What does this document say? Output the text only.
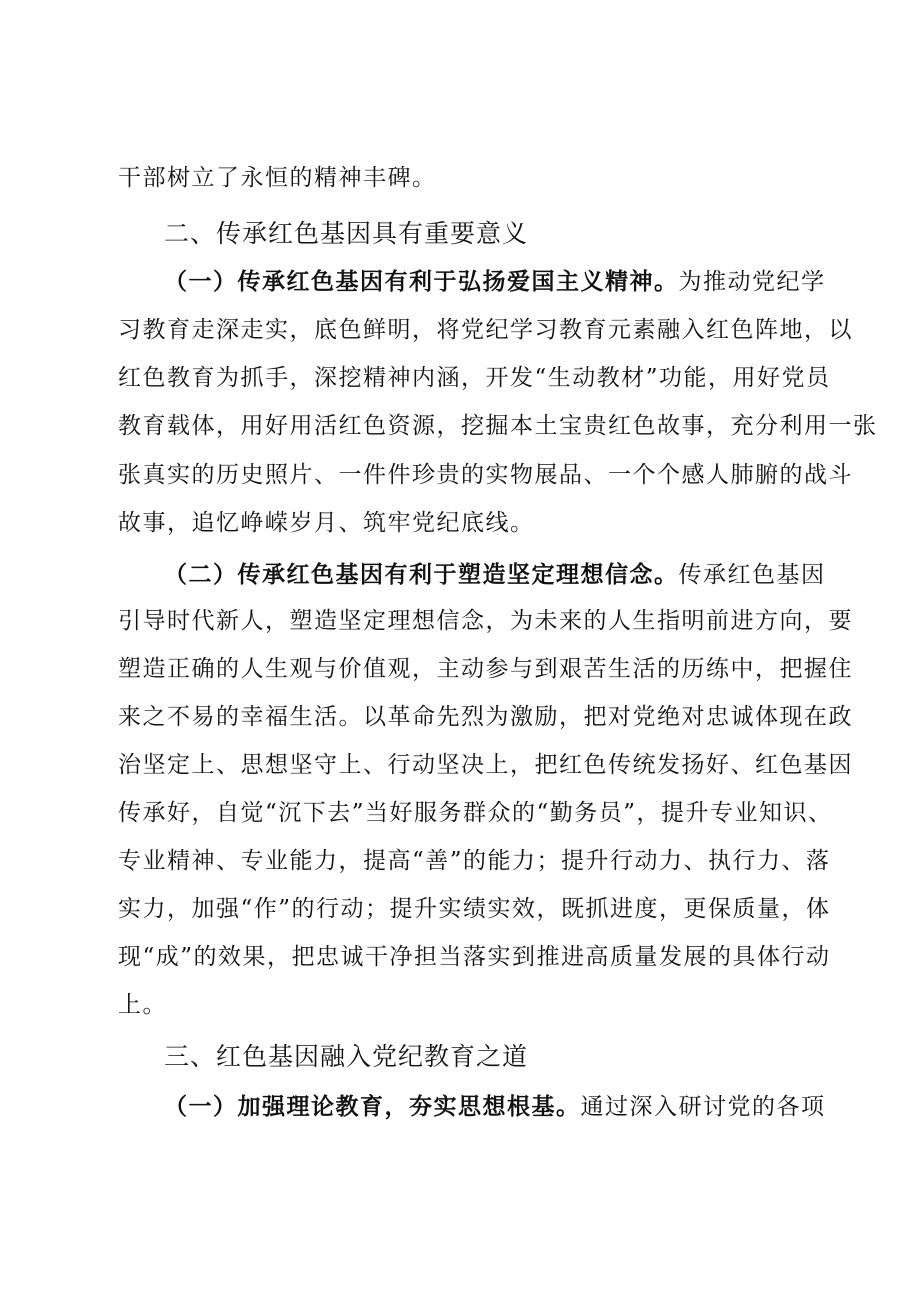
干部树立了永恒的精神丰碑。
二、传承红色基因具有重要意义
（一）传承红色基因有利于弘扬爱国主义精神。为推动党纪学
习教育走深走实，底色鲜明，将党纪学习教育元素融入红色阵地，以
红色教育为抓手，深挖精神内涵，开发“生动教材”功能，用好党员
教育载体，用好用活红色资源，挖掘本土宝贵红色故事，充分利用一张
张真实的历史照片、一件件珍贵的实物展品、一个个感人肺腑的战斗
故事，追忆峥嵘岁月、筑牢党纪底线。
（二）传承红色基因有利于塑造坚定理想信念。传承红色基因
引导时代新人，塑造坚定理想信念，为未来的人生指明前进方向，要
塑造正确的人生观与价值观，主动参与到艰苦生活的历练中，把握住
来之不易的幸福生活。以革命先烈为激励，把对党绝对忠诚体现在政
治坚定上、思想坚守上、行动坚决上，把红色传统发扬好、红色基因
传承好，自觉“沉下去”当好服务群众的“勤务员”，提升专业知识、
专业精神、专业能力，提高“善”的能力；提升行动力、执行力、落
实力，加强“作”的行动；提升实绩实效，既抓进度，更保质量，体
现“成”的效果，把忠诚干净担当落实到推进高质量发展的具体行动
上。
三、红色基因融入党纪教育之道
（一）加强理论教育，夯实思想根基。通过深入研讨党的各项
